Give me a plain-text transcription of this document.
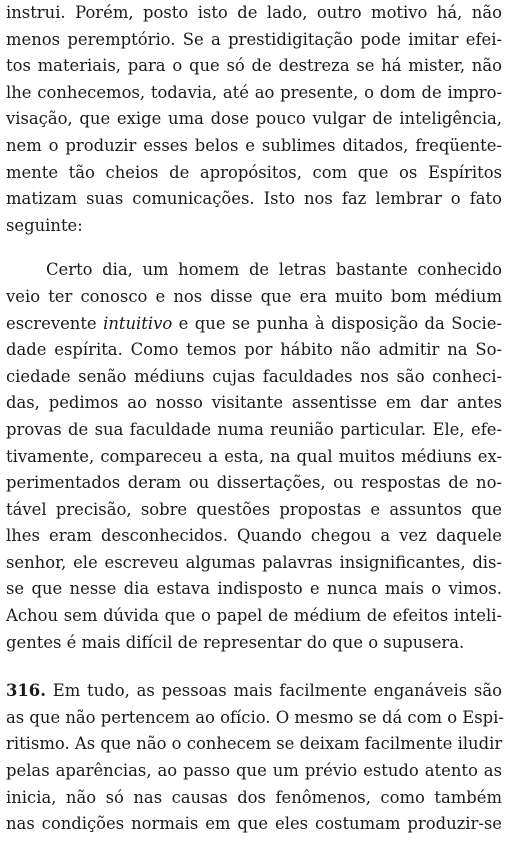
instrui. Porém, posto isto de lado, outro motivo há, não
menos peremptório. Se a prestidigitação pode imitar efei-
tos materiais, para o que só de destreza se há mister, não
lhe conhecemos, todavia, até ao presente, o dom de impro-
visação, que exige uma dose pouco vulgar de inteligência,
nem o produzir esses belos e sublimes ditados, freqüente-
mente tão cheios de apropósitos, com que os Espíritos
matizam suas comunicações. Isto nos faz lembrar o fato
seguinte:
Certo dia, um homem de letras bastante conhecido
veio ter conosco e nos disse que era muito bom médium
escrevente intuitivo e que se punha à disposição da Socie-
dade espírita. Como temos por hábito não admitir na So-
ciedade senão médiuns cujas faculdades nos são conheci-
das, pedimos ao nosso visitante assentisse em dar antes
provas de sua faculdade numa reunião particular. Ele, efe-
tivamente, compareceu a esta, na qual muitos médiuns ex-
perimentados deram ou dissertações, ou respostas de no-
tável precisão, sobre questões propostas e assuntos que
lhes eram desconhecidos. Quando chegou a vez daquele
senhor, ele escreveu algumas palavras insignificantes, dis-
se que nesse dia estava indisposto e nunca mais o vimos.
Achou sem dúvida que o papel de médium de efeitos inteli-
gentes é mais difícil de representar do que o supusera.
316. Em tudo, as pessoas mais facilmente enganáveis são
as que não pertencem ao ofício. O mesmo se dá com o Espi-
ritismo. As que não o conhecem se deixam facilmente iludir
pelas aparências, ao passo que um prévio estudo atento as
inicia, não só nas causas dos fenômenos, como também
nas condições normais em que eles costumam produzir-se
